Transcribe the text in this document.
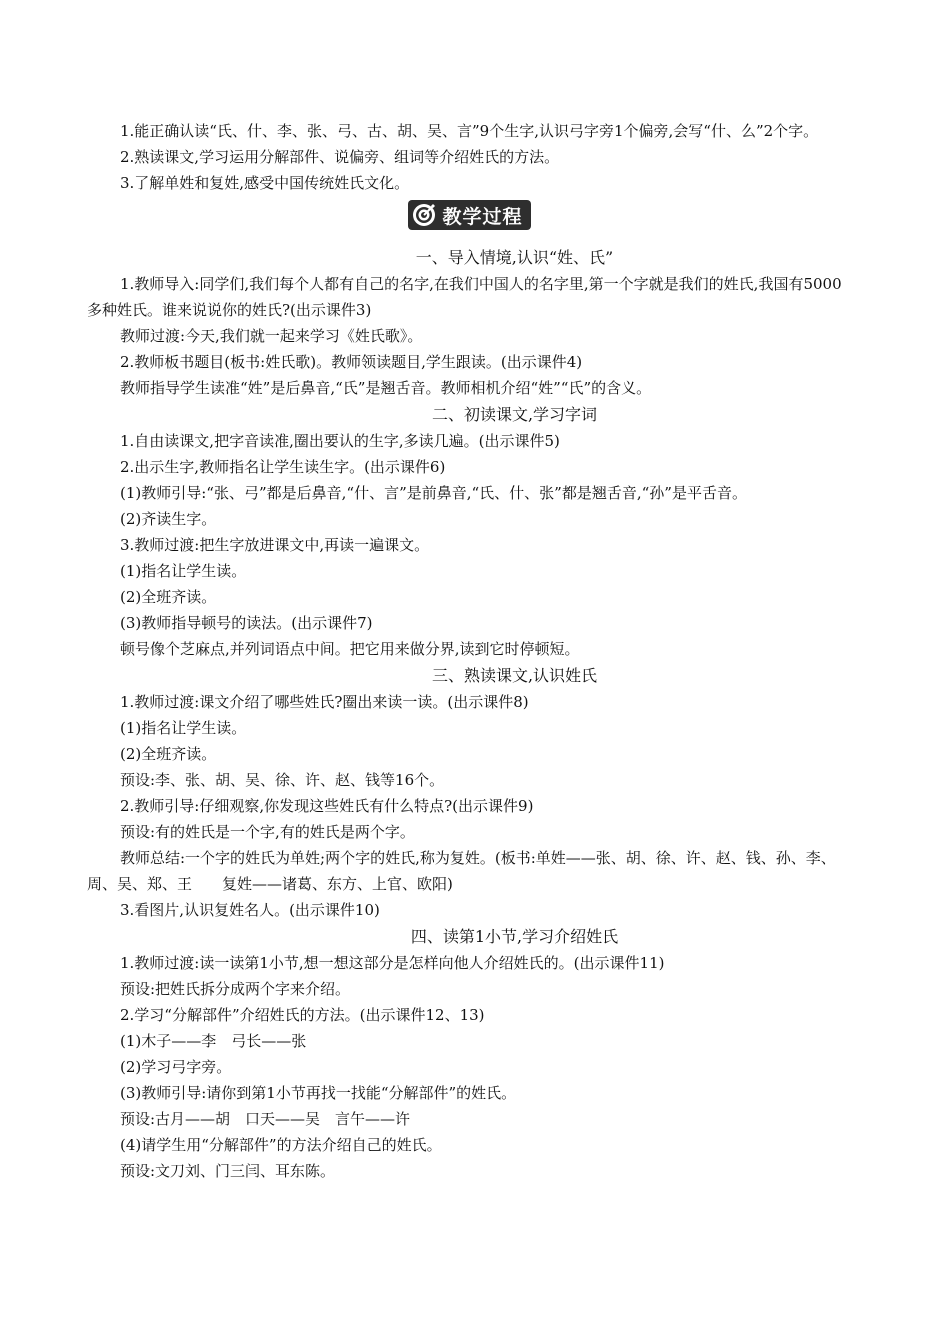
1.能正确认读“氏、什、李、张、弓、古、胡、吴、言”9个生字,认识弓字旁1个偏旁,会写“什、么”2个字。

2.熟读课文,学习运用分解部件、说偏旁、组词等介绍姓氏的方法。

3.了解单姓和复姓,感受中国传统姓氏文化。

教学过程

一、导入情境,认识“姓、氏”

1.教师导入:同学们,我们每个人都有自己的名字,在我们中国人的名字里,第一个字就是我们的姓氏,我国有5000多种姓氏。谁来说说你的姓氏?(出示课件3)

教师过渡:今天,我们就一起来学习《姓氏歌》。

2.教师板书题目(板书:姓氏歌)。教师领读题目,学生跟读。(出示课件4)

教师指导学生读准“姓”是后鼻音,“氏”是翘舌音。教师相机介绍“姓”“氏”的含义。

二、初读课文,学习字词

1.自由读课文,把字音读准,圈出要认的生字,多读几遍。(出示课件5)

2.出示生字,教师指名让学生读生字。(出示课件6)

(1)教师引导:“张、弓”都是后鼻音,“什、言”是前鼻音,“氏、什、张”都是翘舌音,“孙”是平舌音。

(2)齐读生字。

3.教师过渡:把生字放进课文中,再读一遍课文。

(1)指名让学生读。

(2)全班齐读。

(3)教师指导顿号的读法。(出示课件7)

顿号像个芝麻点,并列词语点中间。把它用来做分界,读到它时停顿短。

三、熟读课文,认识姓氏

1.教师过渡:课文介绍了哪些姓氏?圈出来读一读。(出示课件8)

(1)指名让学生读。

(2)全班齐读。

预设:李、张、胡、吴、徐、许、赵、钱等16个。

2.教师引导:仔细观察,你发现这些姓氏有什么特点?(出示课件9)

预设:有的姓氏是一个字,有的姓氏是两个字。

教师总结:一个字的姓氏为单姓;两个字的姓氏,称为复姓。(板书:单姓——张、胡、徐、许、赵、钱、孙、李、周、吴、郑、王　　复姓——诸葛、东方、上官、欧阳)

3.看图片,认识复姓名人。(出示课件10)

四、读第1小节,学习介绍姓氏

1.教师过渡:读一读第1小节,想一想这部分是怎样向他人介绍姓氏的。(出示课件11)

预设:把姓氏拆分成两个字来介绍。

2.学习“分解部件”介绍姓氏的方法。(出示课件12、13)

(1)木子——李　弓长——张

(2)学习弓字旁。

(3)教师引导:请你到第1小节再找一找能“分解部件”的姓氏。

预设:古月——胡　口天——吴　言午——许

(4)请学生用“分解部件”的方法介绍自己的姓氏。

预设:文刀刘、门三闫、耳东陈。
